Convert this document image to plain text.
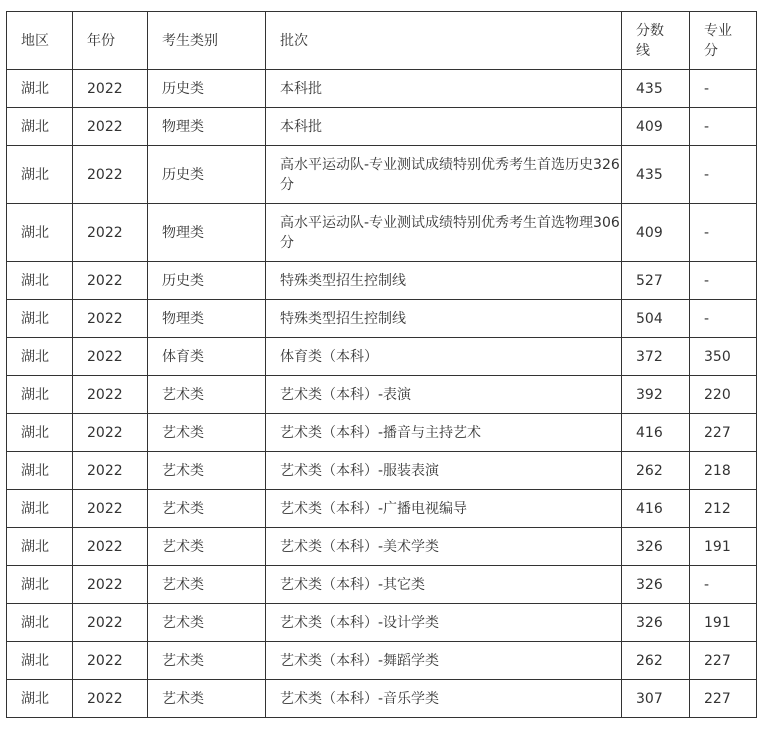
地区	年份	考生类别	批次	分数线	专业分
湖北	2022	历史类	本科批	435	-
湖北	2022	物理类	本科批	409	-
湖北	2022	历史类	高水平运动队-专业测试成绩特别优秀考生首选历史326分	435	-
湖北	2022	物理类	高水平运动队-专业测试成绩特别优秀考生首选物理306分	409	-
湖北	2022	历史类	特殊类型招生控制线	527	-
湖北	2022	物理类	特殊类型招生控制线	504	-
湖北	2022	体育类	体育类（本科）	372	350
湖北	2022	艺术类	艺术类（本科）-表演	392	220
湖北	2022	艺术类	艺术类（本科）-播音与主持艺术	416	227
湖北	2022	艺术类	艺术类（本科）-服装表演	262	218
湖北	2022	艺术类	艺术类（本科）-广播电视编导	416	212
湖北	2022	艺术类	艺术类（本科）-美术学类	326	191
湖北	2022	艺术类	艺术类（本科）-其它类	326	-
湖北	2022	艺术类	艺术类（本科）-设计学类	326	191
湖北	2022	艺术类	艺术类（本科）-舞蹈学类	262	227
湖北	2022	艺术类	艺术类（本科）-音乐学类	307	227
